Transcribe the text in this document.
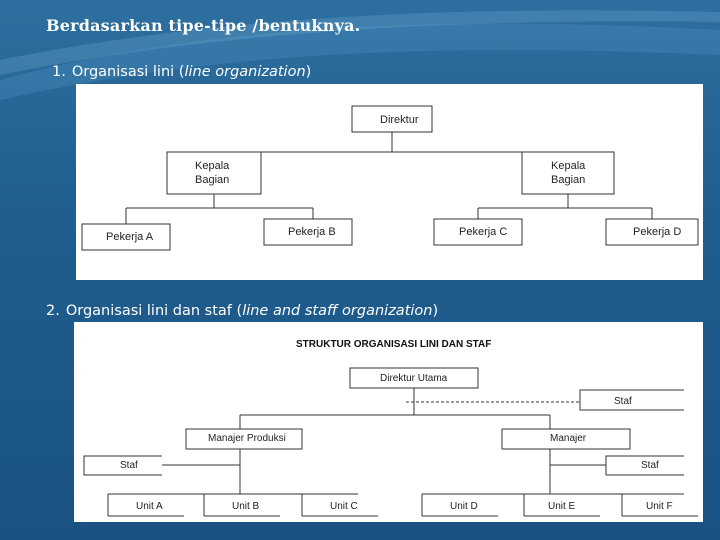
Berdasarkan tipe-tipe /bentuknya.
1. Organisasi lini (line organization)
Direktur
Kepala
Bagian
Kepala
Bagian
Pekerja A	Pekerja B	Pekerja C	Pekerja D
2. Organisasi lini dan staf (line and staff organization)
STRUKTUR ORGANISASI LINI DAN STAF
Direktur Utama
Staf
Manajer Produksi	Manajer
Staf	Staf
Unit A	Unit B	Unit C	Unit D	Unit E	Unit F
